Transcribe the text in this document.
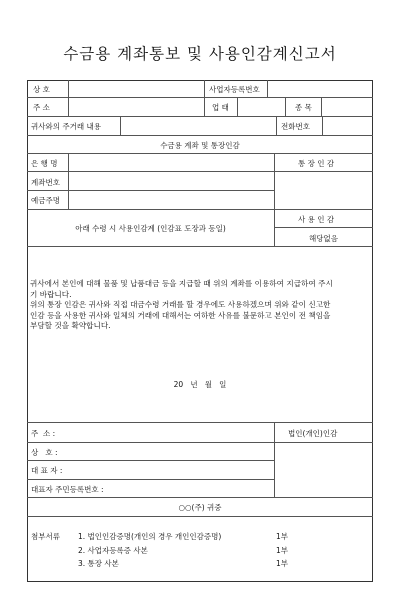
수금용 계좌통보 및 사용인감계신고서
상 호	사업자등록번호
주 소	업 태	종 목
귀사와의 주거래 내용	전화번호
수금용 계좌 및 통장인감
은 행 명	통 장 인 감
계좌번호
예금주명
아래 수령 시 사용인감계 (인감표 도장과 동일)
사 용 인 감
해당없음
귀사에서 본인에 대해 물품 및 납품대금 등을 지급할 때 위의 계좌를 이용하여 지급하여 주시
기 바랍니다.
위의 통장 인감은 귀사와 직접 대금수령 거래를 할 경우에도 사용하겠으며 위와 같이 신고한
인감 등을 사용한 귀사와 일체의 거래에 대해서는 여하한 사유를 불문하고 본인이 전 책임을
부담할 것을 확약합니다.
20   년   월   일
주  소 :	법인(개인)인감
상   호 :
대 표 자 :
대표자 주민등록번호 :
○○(주) 귀중
첨부서류 1. 법인인감증명(개인의 경우 개인인감증명)	1부
2. 사업자등록증 사본	1부
3. 통장 사본	1부
